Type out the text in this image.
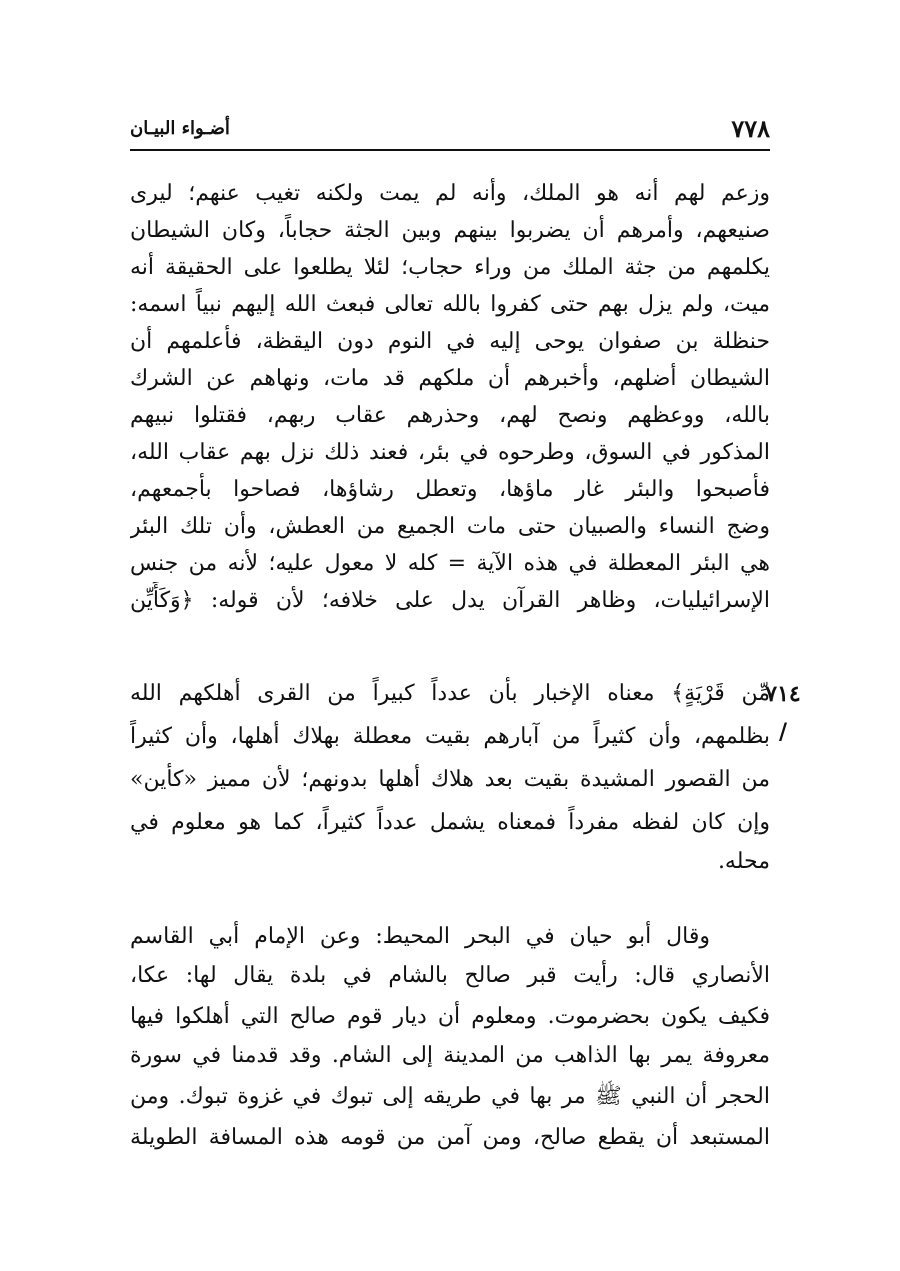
٧٧٨
أضـواء البيـان
٧١٤ /
وزعم لهم أنه هو الملك، وأنه لم يمت ولكنه تغيب عنهم؛ ليرى
صنيعهم، وأمرهم أن يضربوا بينهم وبين الجثة حجاباً، وكان الشيطان
يكلمهم من جثة الملك من وراء حجاب؛ لئلا يطلعوا على الحقيقة أنه
ميت، ولم يزل بهم حتى كفروا بالله تعالى فبعث الله إليهم نبياً اسمه:
حنظلة بن صفوان يوحى إليه في النوم دون اليقظة، فأعلمهم أن
الشيطان أضلهم، وأخبرهم أن ملكهم قد مات، ونهاهم عن الشرك
بالله، ووعظهم ونصح لهم، وحذرهم عقاب ربهم، فقتلوا نبيهم
المذكور في السوق، وطرحوه في بئر، فعند ذلك نزل بهم عقاب الله،
فأصبحوا والبئر غار ماؤها، وتعطل رشاؤها، فصاحوا بأجمعهم،
وضج النساء والصبيان حتى مات الجميع من العطش، وأن تلك البئر
هي البئر المعطلة في هذه الآية = كله لا معول عليه؛ لأنه من جنس
الإسرائيليات، وظاهر القرآن يدل على خلافه؛ لأن قوله: ﴿وَكَأَيِّن
مِّن قَرْيَةٍ﴾ معناه الإخبار بأن عدداً كبيراً من القرى أهلكهم الله
بظلمهم، وأن كثيراً من آبارهم بقيت معطلة بهلاك أهلها، وأن كثيراً
من القصور المشيدة بقيت بعد هلاك أهلها بدونهم؛ لأن مميز «كأين»
وإن كان لفظه مفرداً فمعناه يشمل عدداً كثيراً، كما هو معلوم في
محله.
وقال أبو حيان في البحر المحيط: وعن الإمام أبي القاسم
الأنصاري قال: رأيت قبر صالح بالشام في بلدة يقال لها: عكا،
فكيف يكون بحضرموت. ومعلوم أن ديار قوم صالح التي أهلكوا فيها
معروفة يمر بها الذاهب من المدينة إلى الشام. وقد قدمنا في سورة
الحجر أن النبي ﷺ مر بها في طريقه إلى تبوك في غزوة تبوك. ومن
المستبعد أن يقطع صالح، ومن آمن من قومه هذه المسافة الطويلة
